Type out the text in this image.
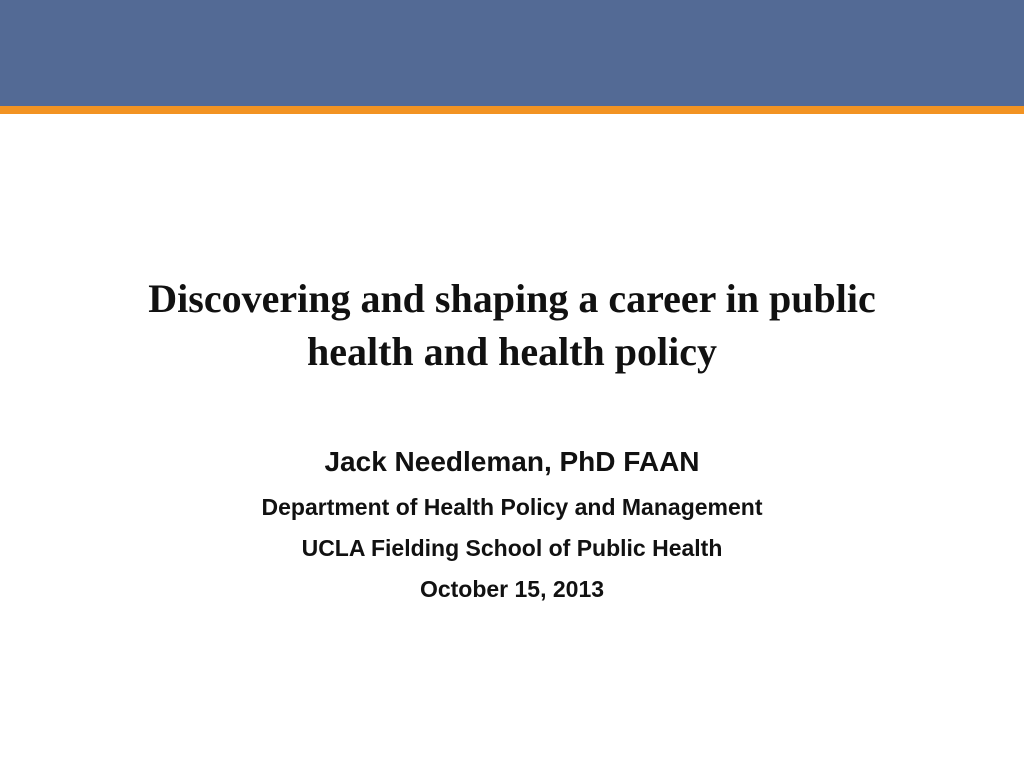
Discovering and shaping a career in public
health and health policy

Jack Needleman, PhD FAAN

Department of Health Policy and Management

UCLA Fielding School of Public Health

October 15, 2013
